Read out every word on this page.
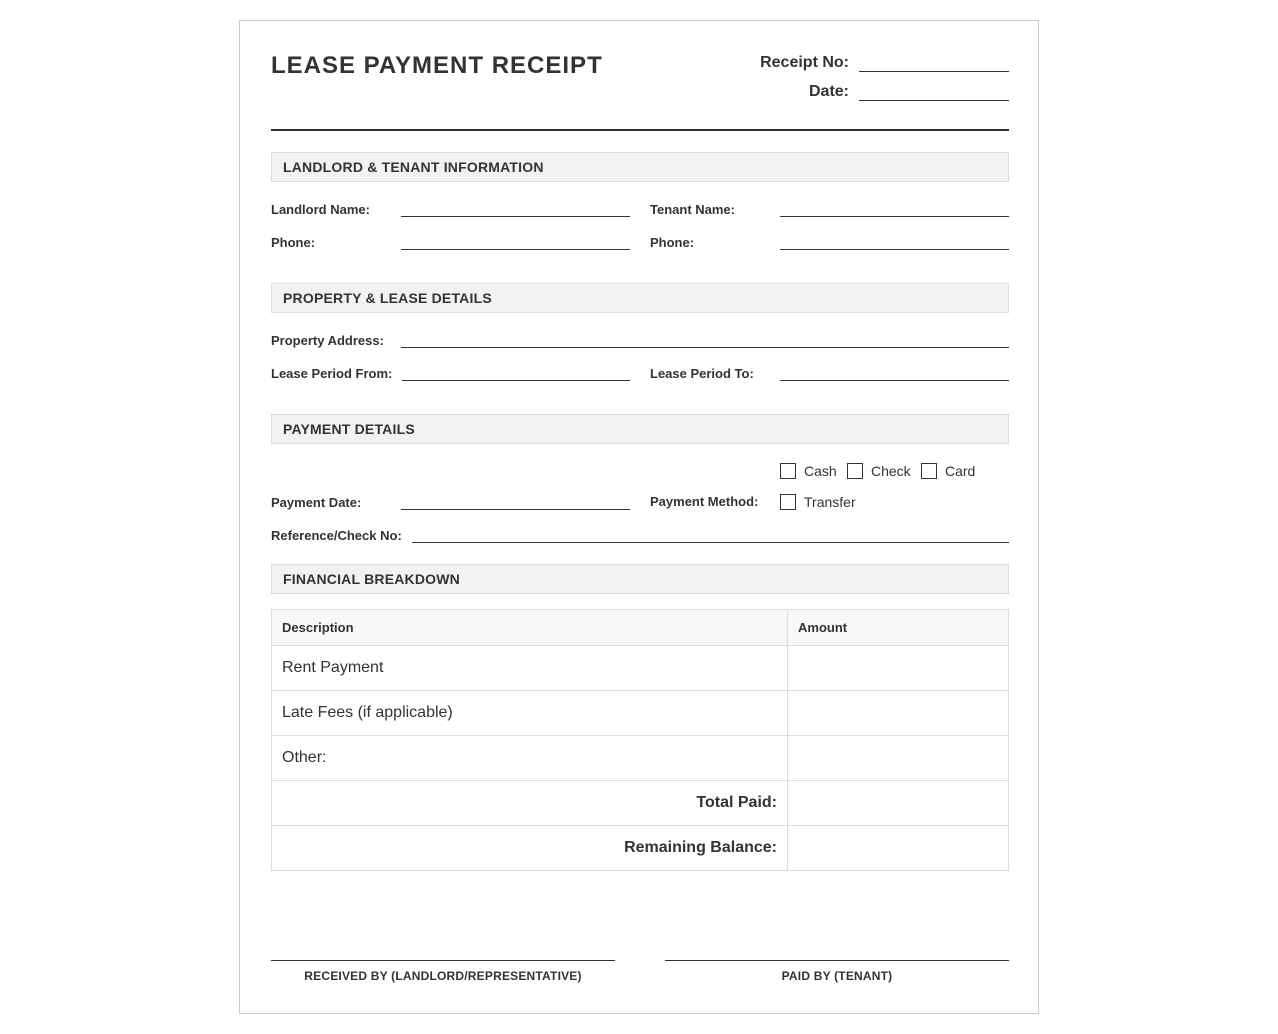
LEASE PAYMENT RECEIPT	Receipt No:
Date:
LANDLORD & TENANT INFORMATION
Landlord Name:	Tenant Name:
Phone:	Phone:
PROPERTY & LEASE DETAILS
Property Address:
Lease Period From:	Lease Period To:
PAYMENT DETAILS
Cash Check Card
Transfer
Payment Date:	Payment Method:
Reference/Check No:
FINANCIAL BREAKDOWN
Description	Amount
Rent Payment	
Late Fees (if applicable)	
Other:	
Total Paid:	
Remaining Balance:	
RECEIVED BY (LANDLORD/REPRESENTATIVE)	PAID BY (TENANT)
